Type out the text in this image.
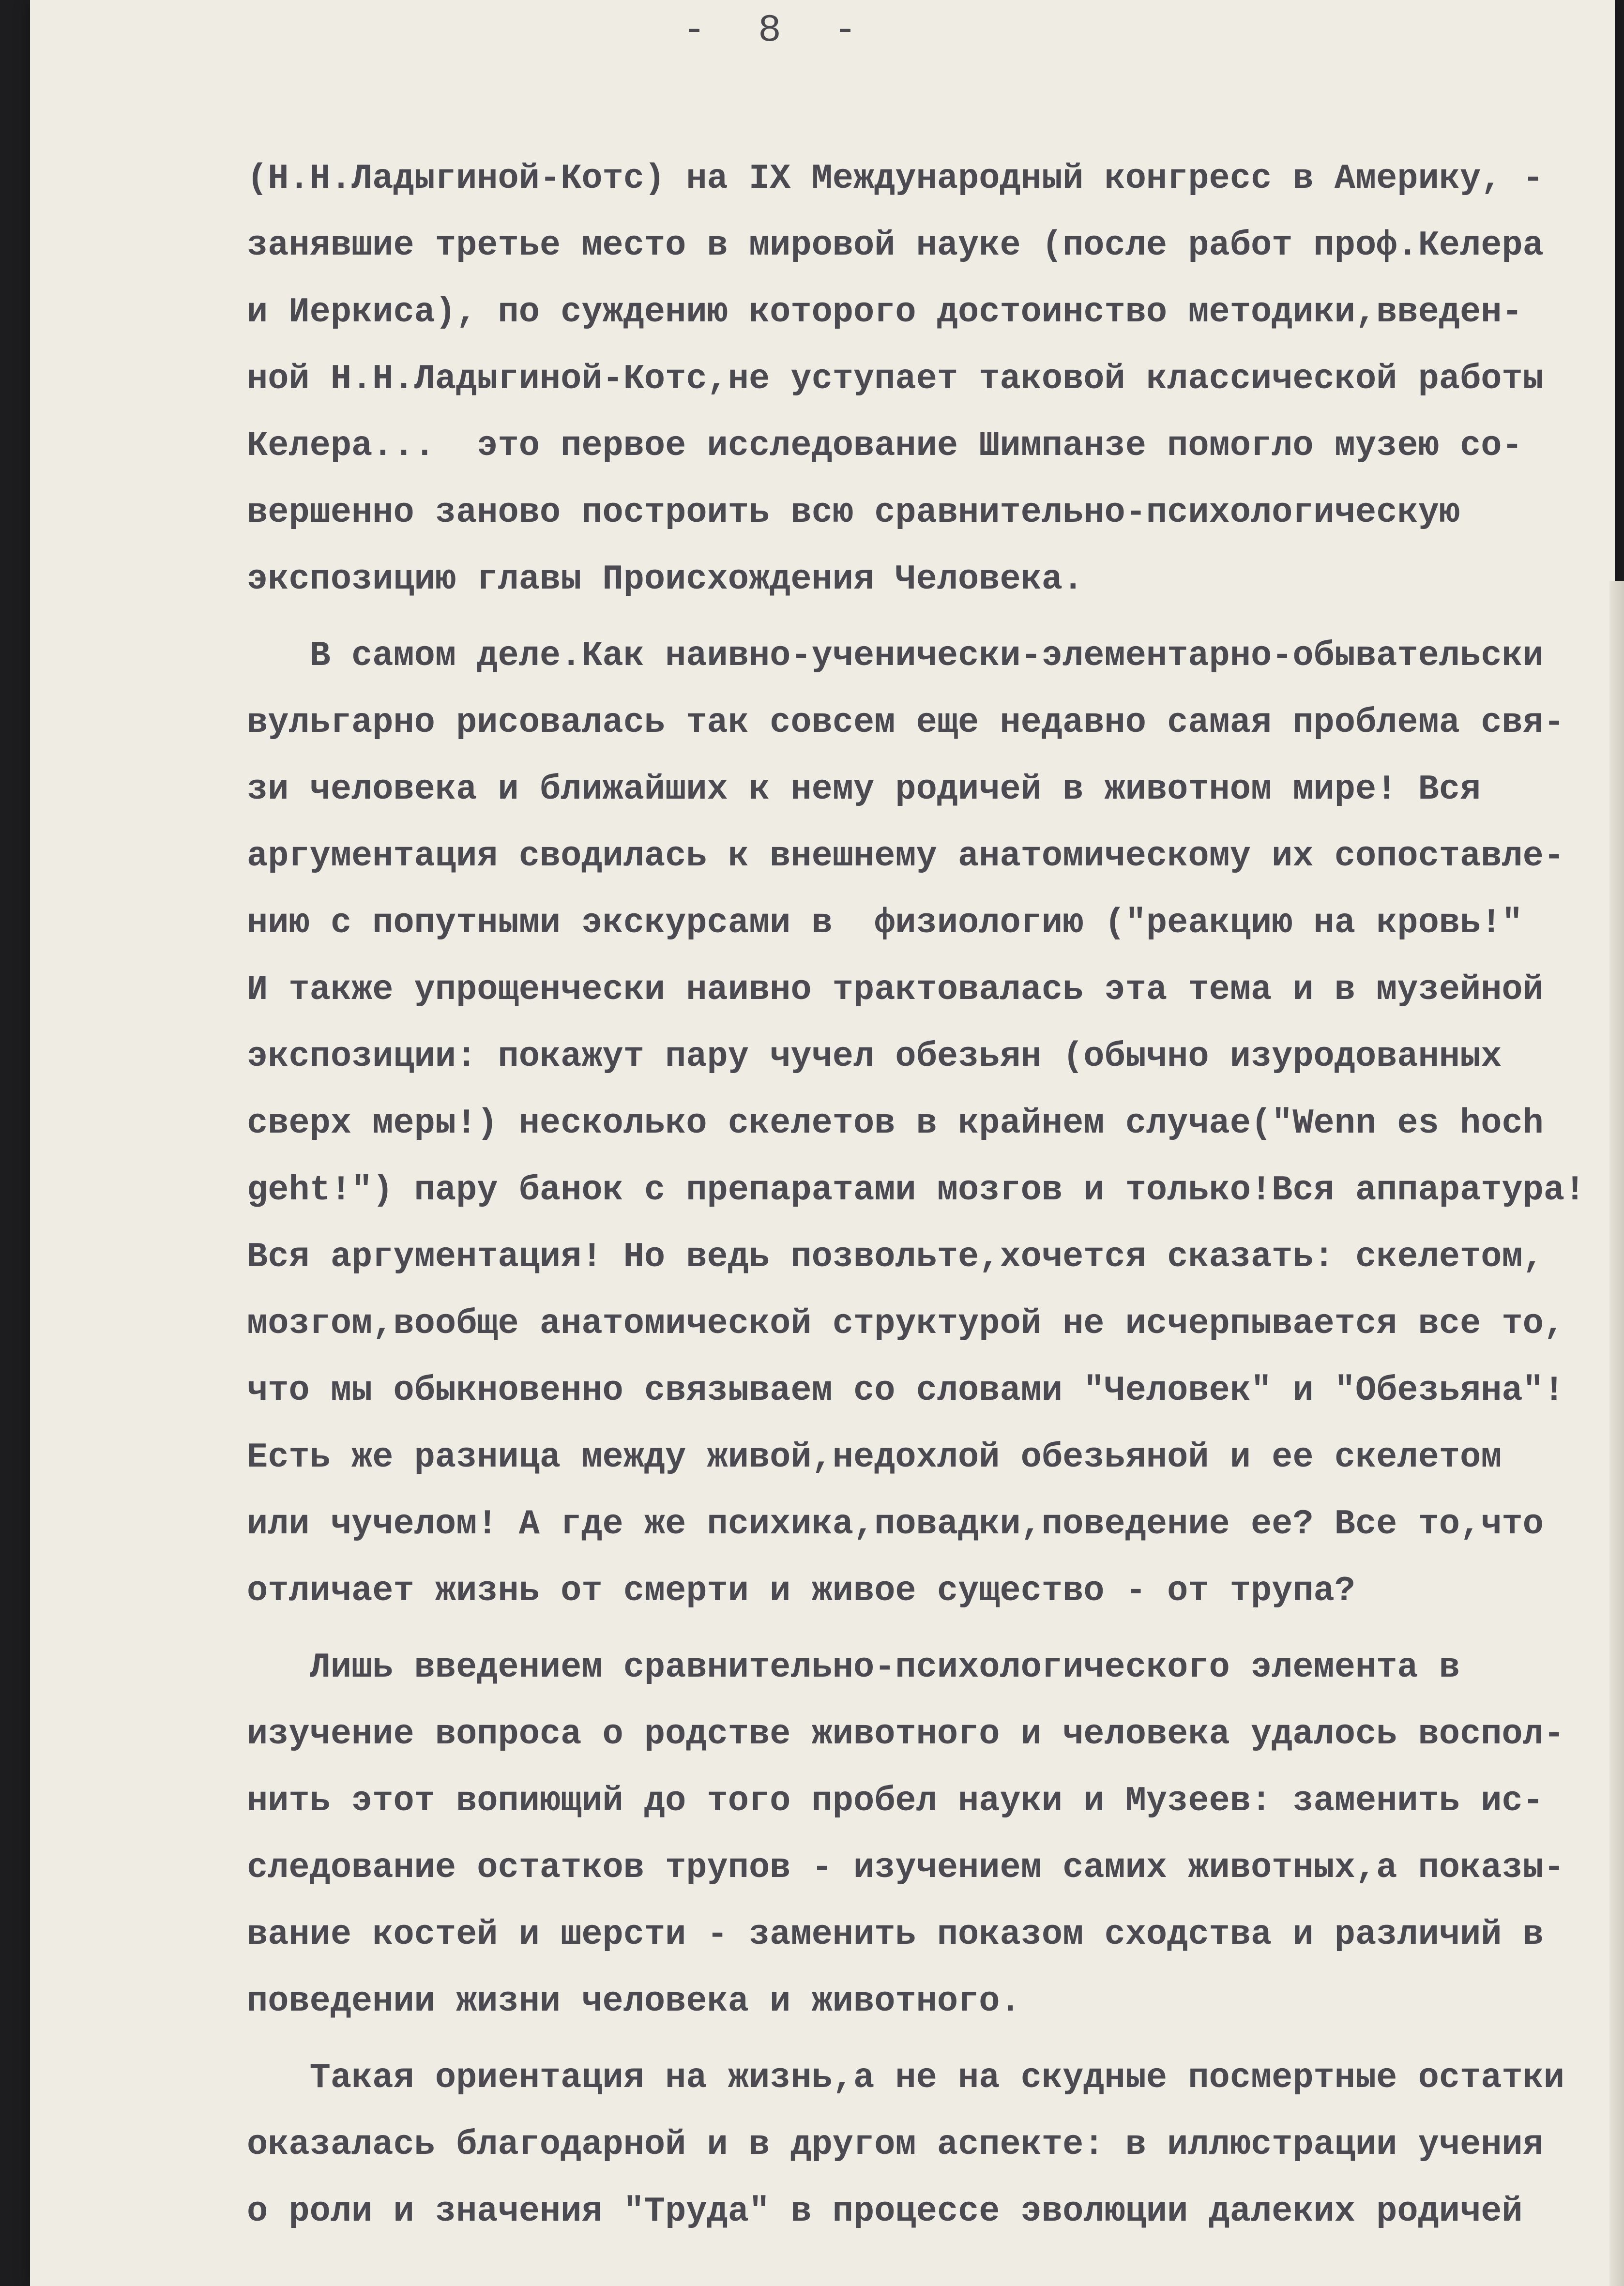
- 8 -
(Н.Н.Ладыгиной-Котс) на IX Международный конгресс в Америку, -
занявшие третье место в мировой науке (после работ проф.Келера
и Иеркиса), по суждению которого достоинство методики,введен-
ной Н.Н.Ладыгиной-Котс,не уступает таковой классической работы
Келера...  это первое исследование Шимпанзе помогло музею со-
вершенно заново построить всю сравнительно-психологическую
экспозицию главы Происхождения Человека.
В самом деле.Как наивно-ученически-элементарно-обывательски
вульгарно рисовалась так совсем еще недавно самая проблема свя-
зи человека и ближайших к нему родичей в животном мире! Вся
аргументация сводилась к внешнему анатомическому их сопоставле-
нию с попутными экскурсами в  физиологию ("реакцию на кровь!"
И также упрощенчески наивно трактовалась эта тема и в музейной
экспозиции: покажут пару чучел обезьян (обычно изуродованных
сверх меры!) несколько скелетов в крайнем случае("Wenn es hoch
geht!") пару банок с препаратами мозгов и только!Вся аппаратура!
Вся аргументация! Но ведь позвольте,хочется сказать: скелетом,
мозгом,вообще анатомической структурой не исчерпывается все то,
что мы обыкновенно связываем со словами "Человек" и "Обезьяна"!
Есть же разница между живой,недохлой обезьяной и ее скелетом
или чучелом! А где же психика,повадки,поведение ее? Все то,что
отличает жизнь от смерти и живое существо - от трупа?
Лишь введением сравнительно-психологического элемента в
изучение вопроса о родстве животного и человека удалось воспол-
нить этот вопиющий до того пробел науки и Музеев: заменить ис-
следование остатков трупов - изучением самих животных,а показы-
вание костей и шерсти - заменить показом сходства и различий в
поведении жизни человека и животного.
Такая ориентация на жизнь,а не на скудные посмертные остатки
оказалась благодарной и в другом аспекте: в иллюстрации учения
о роли и значения "Труда" в процессе эволюции далеких родичей
